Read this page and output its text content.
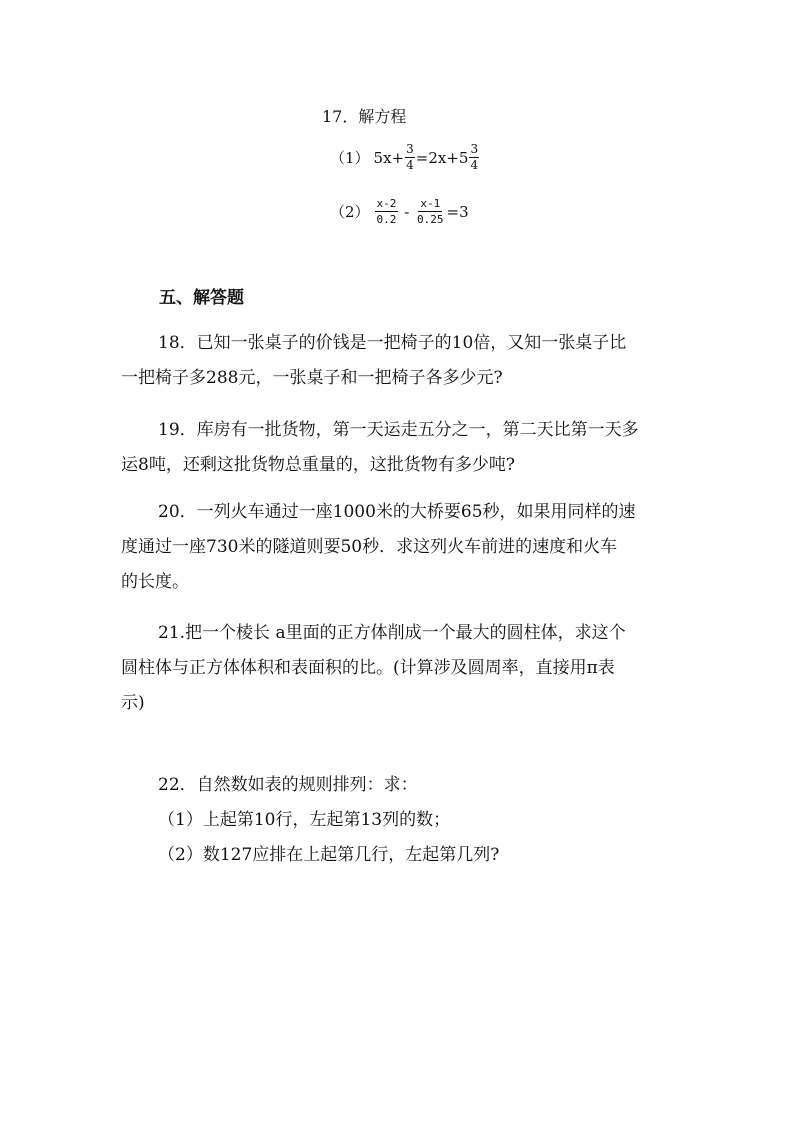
17．解方程
（1） $5x+ \frac{3}{4} =2x+5 \frac{3}{4}$
$(2) \frac{x-2}{0.2} - \frac{x-1}{0.25} =3$
五、解答题
18．已知一张桌子的价钱是一把椅子的10倍，又知一张桌子比
一把椅子多288元，一张桌子和一把椅子各多少元?
19．库房有一批货物，第一天运走五分之一，第二天比第一天多
运8吨，还剩这批货物总重量的，这批货物有多少吨?
20．一列火车通过一座1000米的大桥要65秒，如果用同样的速
度通过一座730米的隧道则要50秒．求这列火车前进的速度和火车
的长度。
21.把一个棱长 a里面的正方体削成一个最大的圆柱体，求这个
圆柱体与正方体体积和表面积的比。(计算涉及圆周率，直接用π表
示)
22．自然数如表的规则排列：求：
（1）上起第10行，左起第13列的数；
（2）数127应排在上起第几行，左起第几列?
